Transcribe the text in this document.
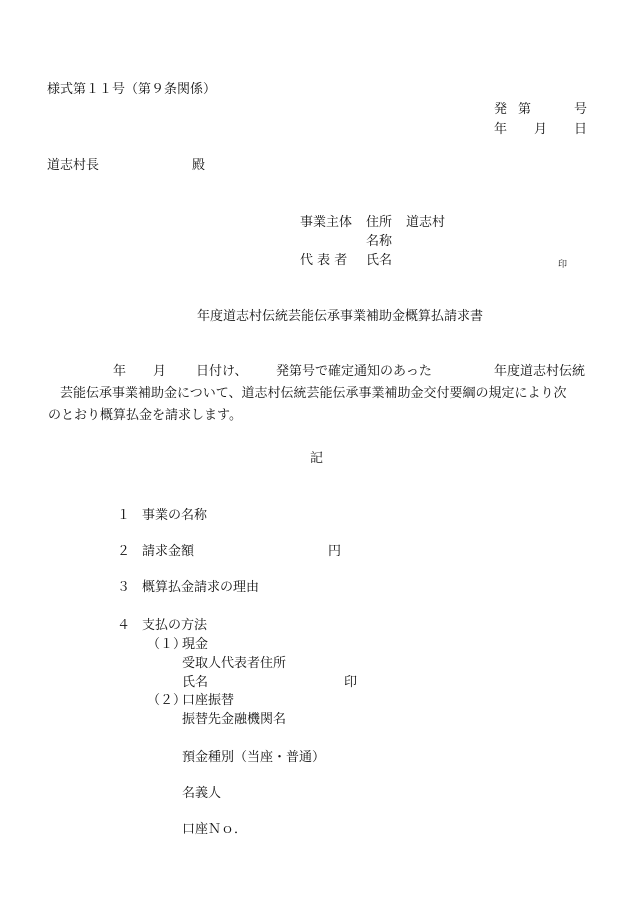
様式第１１号（第９条関係）
発 第	号
年 月 日
道志村長	殿
事業主体 住所 道志村
名称
代 表 者 氏名	印
年度道志村伝統芸能伝承事業補助金概算払請求書
年 月 日付け、 発第号で確定通知のあった	年度道志村伝統
芸能伝承事業補助金について、道志村伝統芸能伝承事業補助金交付要綱の規定により次
のとおり概算払金を請求します。
記
１ 事業の名称
２ 請求金額	円
３ 概算払金請求の理由
４ 支払の方法
（１）
現金
受取人代表者住所
氏名	印
（２）
口座振替
振替先金融機関名
預金種別（当座・普通）
名義人
口座Ｎｏ．
